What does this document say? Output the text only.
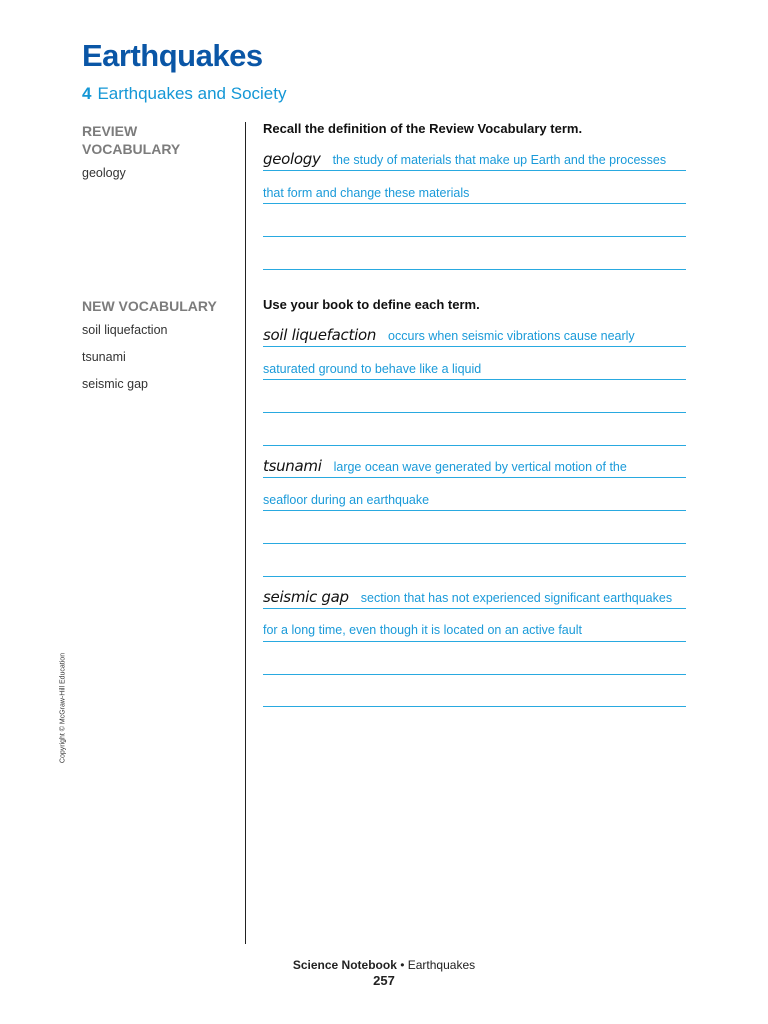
Earthquakes
4 Earthquakes and Society
REVIEW
VOCABULARY
geology
NEW VOCABULARY
soil liquefaction
tsunami
seismic gap
Copyright © McGraw-Hill Education
Recall the definition of the Review Vocabulary term.
geology the study of materials that make up Earth and the processes
that form and change these materials
Use your book to define each term.
soil liquefaction occurs when seismic vibrations cause nearly
saturated ground to behave like a liquid
tsunami large ocean wave generated by vertical motion of the
seafloor during an earthquake
seismic gap section that has not experienced significant earthquakes
for a long time, even though it is located on an active fault
Science Notebook • Earthquakes
257
